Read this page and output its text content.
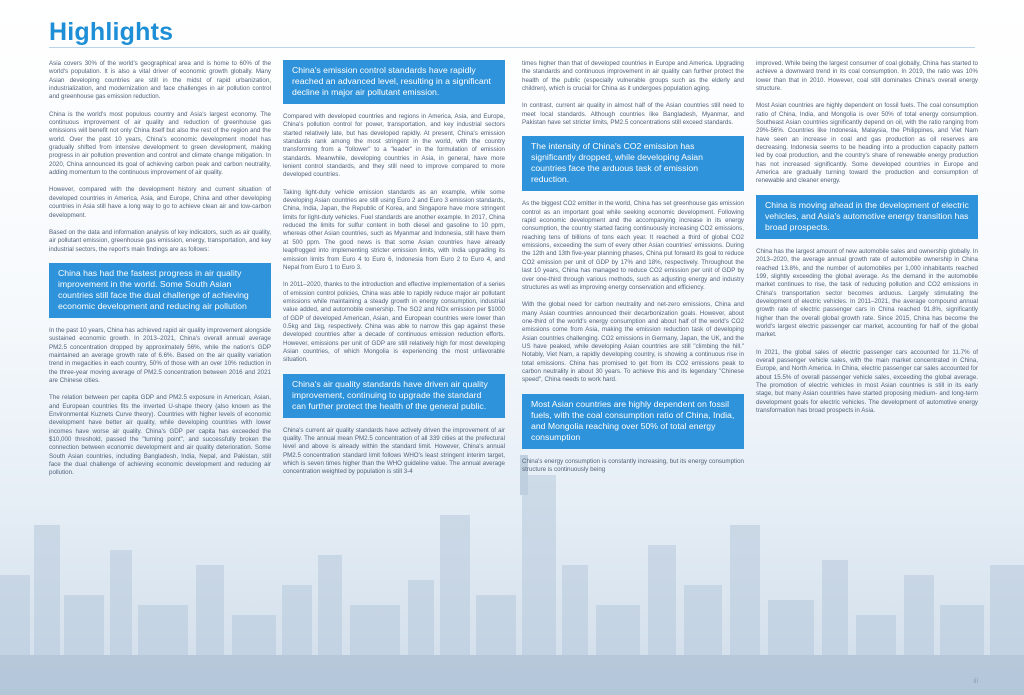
Highlights

Asia covers 30% of the world's geographical area and is home to 60% of the world's population. It is also a vital driver of economic growth globally. Many Asian developing countries are still in the midst of rapid urbanization, industrialization, and modernization and face challenges in air pollution control and greenhouse gas emission reduction.

China is the world's most populous country and Asia's largest economy. The continuous improvement of air quality and reduction of greenhouse gas emissions will benefit not only China itself but also the rest of the region and the world. Over the past 10 years, China's economic development model has gradually shifted from intensive development to green development, making progress in air pollution prevention and control and climate change mitigation. In 2020, China announced its goal of achieving carbon peak and carbon neutrality, adding momentum to the continuous improvement of air quality.

However, compared with the development history and current situation of developed countries in America, Asia, and Europe, China and other developing countries in Asia still have a long way to go to achieve clean air and low-carbon development.

Based on the data and information analysis of key indicators, such as air quality, air pollutant emission, greenhouse gas emission, energy, transportation, and key industrial sectors, the report's main findings are as follows:

China has had the fastest progress in air quality improvement in the world. Some South Asian countries still face the dual challenge of achieving economic development and reducing air pollution

In the past 10 years, China has achieved rapid air quality improvement alongside sustained economic growth. In 2013–2021, China's overall annual average PM2.5 concentration dropped by approximately 56%, while the nation's GDP maintained an average growth rate of 6.6%. Based on the air quality variation trend in megacities in each country, 50% of those with an over 10% reduction in the three-year moving average of PM2.5 concentration between 2016 and 2021 are Chinese cities.

The relation between per capita GDP and PM2.5 exposure in American, Asian, and European countries fits the inverted U-shape theory (also known as the Environmental Kuznets Curve theory). Countries with higher levels of economic development have better air quality, while developing countries with lower incomes have worse air quality. China's GDP per capita has exceeded the $10,000 threshold, passed the "turning point", and successfully broken the connection between economic development and air quality deterioration. Some South Asian countries, including Bangladesh, India, Nepal, and Pakistan, still face the dual challenge of achieving economic development and reducing air pollution.

China's emission control standards have rapidly reached an advanced level, resulting in a significant decline in major air pollutant emission.

Compared with developed countries and regions in America, Asia, and Europe, China's pollution control for power, transportation, and key industrial sectors started relatively late, but has developed rapidly. At present, China's emission standards rank among the most stringent in the world, with the country transforming from a "follower" to a "leader" in the formulation of emission standards. Meanwhile, developing countries in Asia, in general, have more lenient control standards, and they still need to improve compared to more developed countries.

Taking light-duty vehicle emission standards as an example, while some developing Asian countries are still using Euro 2 and Euro 3 emission standards, China, India, Japan, the Republic of Korea, and Singapore have more stringent limits for light-duty vehicles. Fuel standards are another example. In 2017, China reduced the limits for sulfur content in both diesel and gasoline to 10 ppm, whereas other Asian countries, such as Myanmar and Indonesia, still have them at 500 ppm. The good news is that some Asian countries have already leapfrogged into implementing stricter emission limits, with India upgrading its emission limits from Euro 4 to Euro 6, Indonesia from Euro 2 to Euro 4, and Nepal from Euro 1 to Euro 3.

In 2011–2020, thanks to the introduction and effective implementation of a series of emission control policies, China was able to rapidly reduce major air pollutant emissions while maintaining a steady growth in energy consumption, industrial value added, and automobile ownership. The SO2 and NOx emission per $1000 of GDP of developed American, Asian, and European countries were lower than 0.5kg and 1kg, respectively. China was able to narrow this gap against these developed countries after a decade of continuous emission reduction efforts. However, emissions per unit of GDP are still relatively high for most developing Asian countries, of which Mongolia is experiencing the most unfavorable situation.

China's air quality standards have driven air quality improvement, continuing to upgrade the standard can further protect the health of the general public.

China's current air quality standards have actively driven the improvement of air quality. The annual mean PM2.5 concentration of all 339 cities at the prefectural level and above is already within the standard limit. However, China's annual PM2.5 concentration standard limit follows WHO's least stringent interim target, which is seven times higher than the WHO guideline value. The annual average concentration weighted by population is still 3-4

times higher than that of developed countries in Europe and America. Upgrading the standards and continuous improvement in air quality can further protect the health of the public (especially vulnerable groups such as the elderly and children), which is crucial for China as it undergoes population aging.

In contrast, current air quality in almost half of the Asian countries still need to meet local standards. Although countries like Bangladesh, Myanmar, and Pakistan have set stricter limits, PM2.5 concentrations still exceed standards.

The intensity of China's CO2 emission has significantly dropped, while developing Asian countries face the arduous task of emission reduction.

As the biggest CO2 emitter in the world, China has set greenhouse gas emission control as an important goal while seeking economic development. Following rapid economic development and the accompanying increase in its energy consumption, the country started facing continuously increasing CO2 emissions, reaching tens of billions of tons each year. It reached a third of global CO2 emissions, exceeding the sum of every other Asian countries' emissions. During the 12th and 13th five-year planning phases, China put forward its goal to reduce CO2 emission per unit of GDP by 17% and 18%, respectively. Throughout the last 10 years, China has managed to reduce CO2 emission per unit of GDP by over one-third through various methods, such as adjusting energy and industry structures as well as improving energy conservation and efficiency.

With the global need for carbon neutrality and net-zero emissions, China and many Asian countries announced their decarbonization goals. However, about one-third of the world's energy consumption and about half of the world's CO2 emissions come from Asia, making the emission reduction task of developing Asian countries challenging. CO2 emissions in Germany, Japan, the UK, and the US have peaked, while developing Asian countries are still "climbing the hill." Notably, Viet Nam, a rapidly developing country, is showing a continuous rise in total emissions. China has promised to get from its CO2 emissions peak to carbon neutrality in about 30 years. To achieve this and its legendary "Chinese speed", China needs to work hard.

Most Asian countries are highly dependent on fossil fuels, with the coal consumption ratio of China, India, and Mongolia reaching over 50% of total energy consumption

China's energy consumption is constantly increasing, but its energy consumption structure is continuously being

improved. While being the largest consumer of coal globally, China has started to achieve a downward trend in its coal consumption. In 2019, the ratio was 10% lower than that in 2010. However, coal still dominates China's overall energy structure.

Most Asian countries are highly dependent on fossil fuels. The coal consumption ratio of China, India, and Mongolia is over 50% of total energy consumption. Southeast Asian countries significantly depend on oil, with the ratio ranging from 29%-56%. Countries like Indonesia, Malaysia, the Philippines, and Viet Nam have seen an increase in coal and gas production as oil reserves are decreasing. Indonesia seems to be heading into a production capacity pattern led by coal production, and the country's share of renewable energy production has not increased significantly. Some developed countries in Europe and America are gradually turning toward the production and consumption of renewable and cleaner energy.

China is moving ahead in the development of electric vehicles, and Asia's automotive energy transition has broad prospects.

China has the largest amount of new automobile sales and ownership globally. In 2013–2020, the average annual growth rate of automobile ownership in China reached 13.8%, and the number of automobiles per 1,000 inhabitants reached 199, slightly exceeding the global average. As the demand in the automobile market continues to rise, the task of reducing pollution and CO2 emissions in China's transportation sector becomes arduous. Largely stimulating the development of electric vehicles. In 2011–2021, the average compound annual growth rate of electric passenger cars in China reached 91.8%, significantly higher than the overall global growth rate. Since 2015, China has become the world's largest electric passenger car market, accounting for half of the global market.

In 2021, the global sales of electric passenger cars accounted for 11.7% of overall passenger vehicle sales, with the main market concentrated in China, Europe, and North America. In China, electric passenger car sales accounted for about 15.5% of overall passenger vehicle sales, exceeding the global average. The promotion of electric vehicles in most Asian countries is still in its early stage, but many Asian countries have started proposing medium- and long-term development goals for electric vehicles. The development of automotive energy transformation has broad prospects in Asia.

iii
